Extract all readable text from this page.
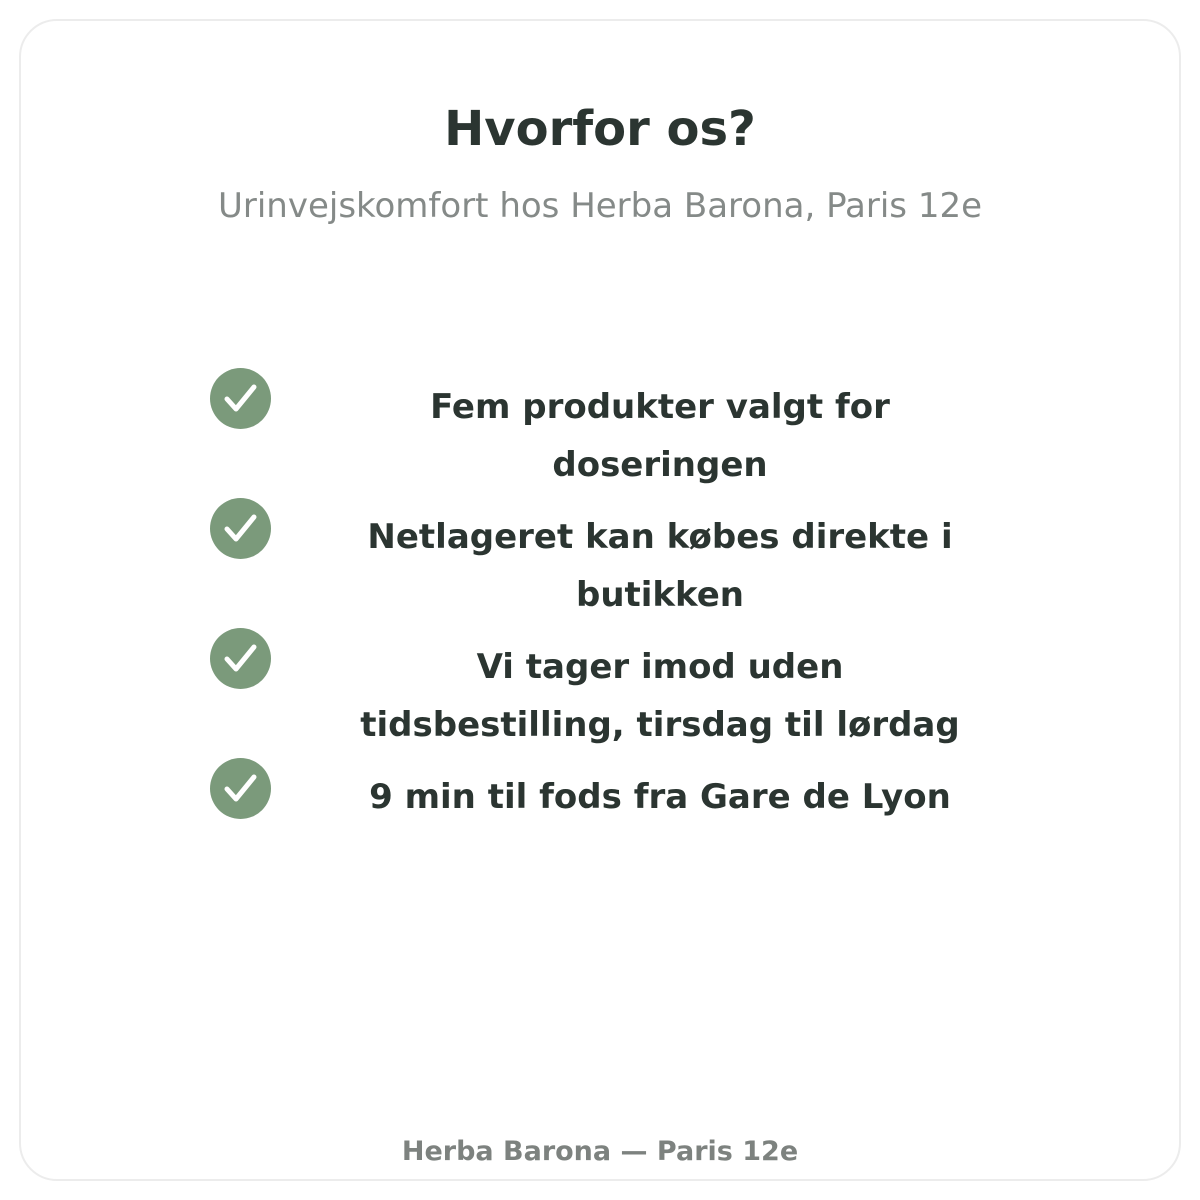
Hvorfor os?

Urinvejskomfort hos Herba Barona, Paris 12e

Fem produkter valgt for doseringen

Netlageret kan købes direkte i butikken

Vi tager imod uden tidsbestilling, tirsdag til lørdag

9 min til fods fra Gare de Lyon

Herba Barona — Paris 12e
